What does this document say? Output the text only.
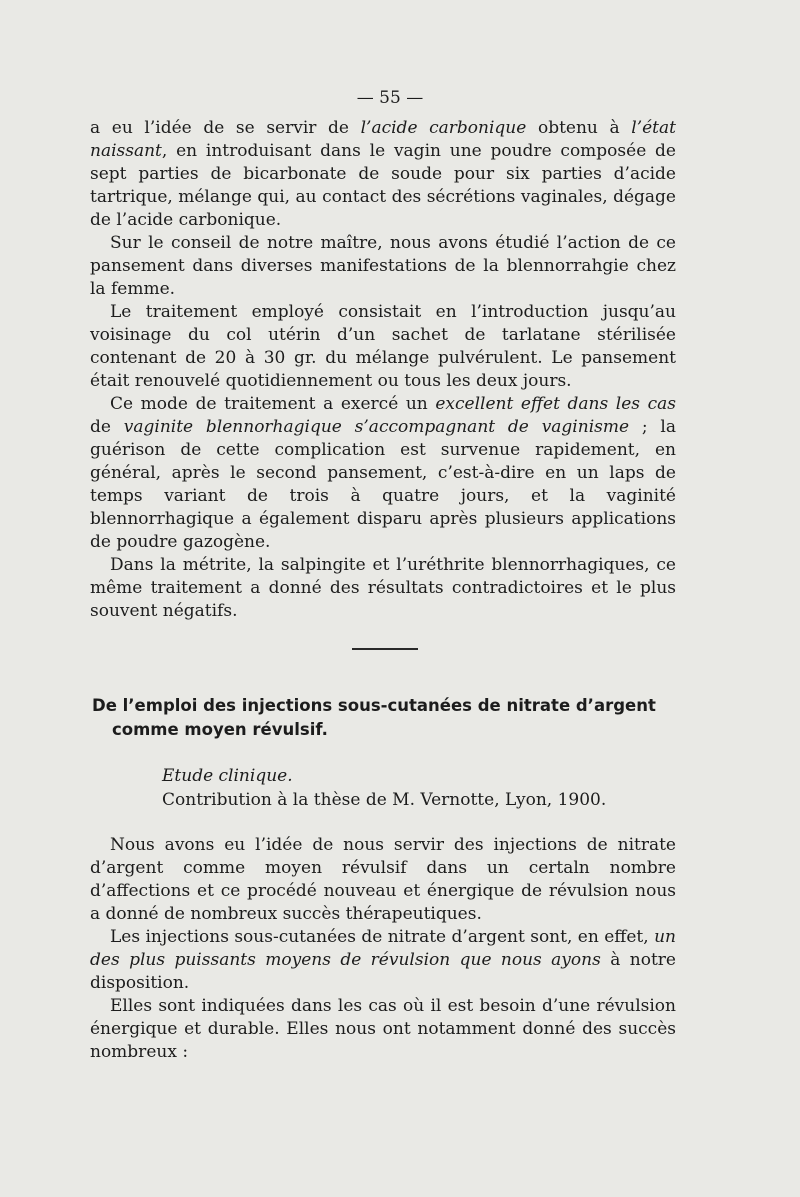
— 55 —

a eu l’idée de se servir de l’acide carbonique obtenu à l’état naissant, en introduisant dans le vagin une poudre composée de sept parties de bicarbonate de soude pour six parties d’acide tartrique, mélange qui, au contact des sécrétions vaginales, dégage de l’acide carbonique.

Sur le conseil de notre maître, nous avons étudié l’action de ce pansement dans diverses manifestations de la blennorrahgie chez la femme.

Le traitement employé consistait en l’introduction jusqu’au voisinage du col utérin d’un sachet de tarlatane stérilisée contenant de 20 à 30 gr. du mélange pulvérulent. Le pansement était renouvelé quotidiennement ou tous les deux jours.

Ce mode de traitement a exercé un excellent effet dans les cas de vaginite blennorhagique s’accompagnant de vaginisme ; la guérison de cette complication est survenue rapidement, en général, après le second pansement, c’est-à-dire en un laps de temps variant de trois à quatre jours, et la vaginité blennorrhagique a également disparu après plusieurs applications de poudre gazogène.

Dans la métrite, la salpingite et l’uréthrite blennorrhagiques, ce même traitement a donné des résultats contradictoires et le plus souvent négatifs.

De l’emploi des injections sous-cutanées de nitrate d’argent
comme moyen révulsif.
Etude clinique.
Contribution à la thèse de M. Vernotte, Lyon, 1900.

Nous avons eu l’idée de nous servir des injections de nitrate d’argent comme moyen révulsif dans un certaln nombre d’affections et ce procédé nouveau et énergique de révulsion nous a donné de nombreux succès thérapeutiques.

Les injections sous-cutanées de nitrate d’argent sont, en effet, un des plus puissants moyens de révulsion que nous ayons à notre disposition.

Elles sont indiquées dans les cas où il est besoin d’une révulsion énergique et durable. Elles nous ont notamment donné des succès nombreux :
